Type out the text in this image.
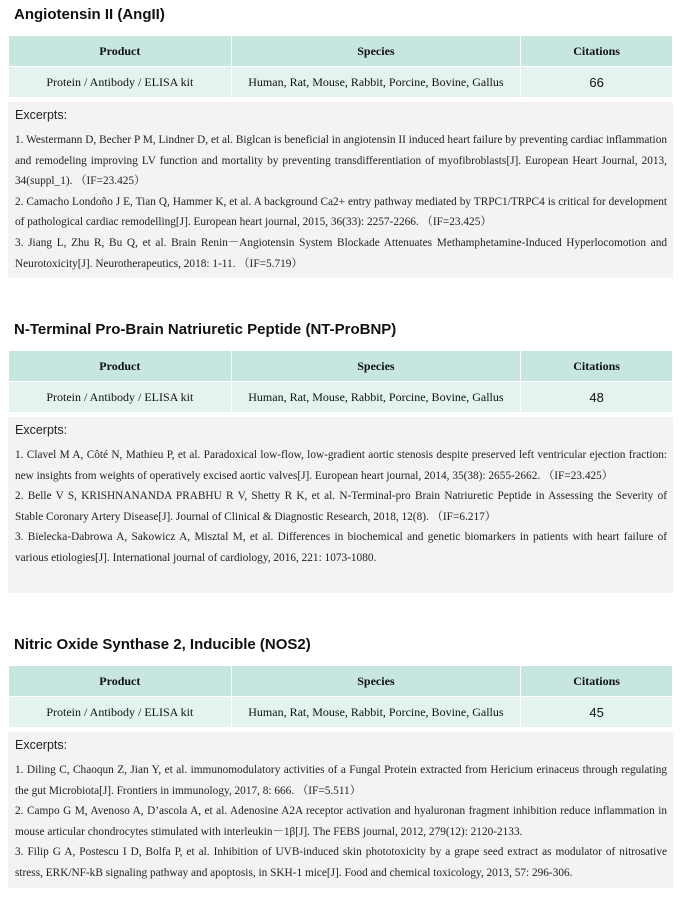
Angiotensin II (AngII)
Product	Species	Citations
Protein / Antibody / ELISA kit	Human, Rat, Mouse, Rabbit, Porcine, Bovine, Gallus	66
Excerpts:

1. Westermann D, Becher P M, Lindner D, et al. Biglcan is beneficial in angiotensin II induced heart failure by preventing cardiac inflammation and remodeling improving LV function and mortality by preventing transdifferentiation of myofibroblasts[J]. European Heart Journal, 2013, 34(suppl_1). （IF=23.425）

2. Camacho Londoño J E, Tian Q, Hammer K, et al. A background Ca2+ entry pathway mediated by TRPC1/TRPC4 is critical for development of pathological cardiac remodelling[J]. European heart journal, 2015, 36(33): 2257-2266. （IF=23.425）

3. Jiang L, Zhu R, Bu Q, et al. Brain Renin－Angiotensin System Blockade Attenuates Methamphetamine-Induced Hyperlocomotion and Neurotoxicity[J]. Neurotherapeutics, 2018: 1-11. （IF=5.719）

N-Terminal Pro-Brain Natriuretic Peptide (NT-ProBNP)
Product	Species	Citations
Protein / Antibody / ELISA kit	Human, Rat, Mouse, Rabbit, Porcine, Bovine, Gallus	48
Excerpts:

1. Clavel M A, Côté N, Mathieu P, et al. Paradoxical low-flow, low-gradient aortic stenosis despite preserved left ventricular ejection fraction: new insights from weights of operatively excised aortic valves[J]. European heart journal, 2014, 35(38): 2655-2662. （IF=23.425）

2. Belle V S, KRISHNANANDA PRABHU R V, Shetty R K, et al. N-Terminal-pro Brain Natriuretic Peptide in Assessing the Severity of Stable Coronary Artery Disease[J]. Journal of Clinical & Diagnostic Research, 2018, 12(8). （IF=6.217）

3. Bielecka-Dabrowa A, Sakowicz A, Misztal M, et al. Differences in biochemical and genetic biomarkers in patients with heart failure of various etiologies[J]. International journal of cardiology, 2016, 221: 1073-1080.

Nitric Oxide Synthase 2, Inducible (NOS2)
Product	Species	Citations
Protein / Antibody / ELISA kit	Human, Rat, Mouse, Rabbit, Porcine, Bovine, Gallus	45
Excerpts:

1. Diling C, Chaoqun Z, Jian Y, et al. immunomodulatory activities of a Fungal Protein extracted from Hericium erinaceus through regulating the gut Microbiota[J]. Frontiers in immunology, 2017, 8: 666. （IF=5.511）

2. Campo G M, Avenoso A, D’ascola A, et al. Adenosine A2A receptor activation and hyaluronan fragment inhibition reduce inflammation in mouse articular chondrocytes stimulated with interleukin－1β[J]. The FEBS journal, 2012, 279(12): 2120-2133.

3. Filip G A, Postescu I D, Bolfa P, et al. Inhibition of UVB-induced skin phototoxicity by a grape seed extract as modulator of nitrosative stress, ERK/NF-kB signaling pathway and apoptosis, in SKH-1 mice[J]. Food and chemical toxicology, 2013, 57: 296-306.
